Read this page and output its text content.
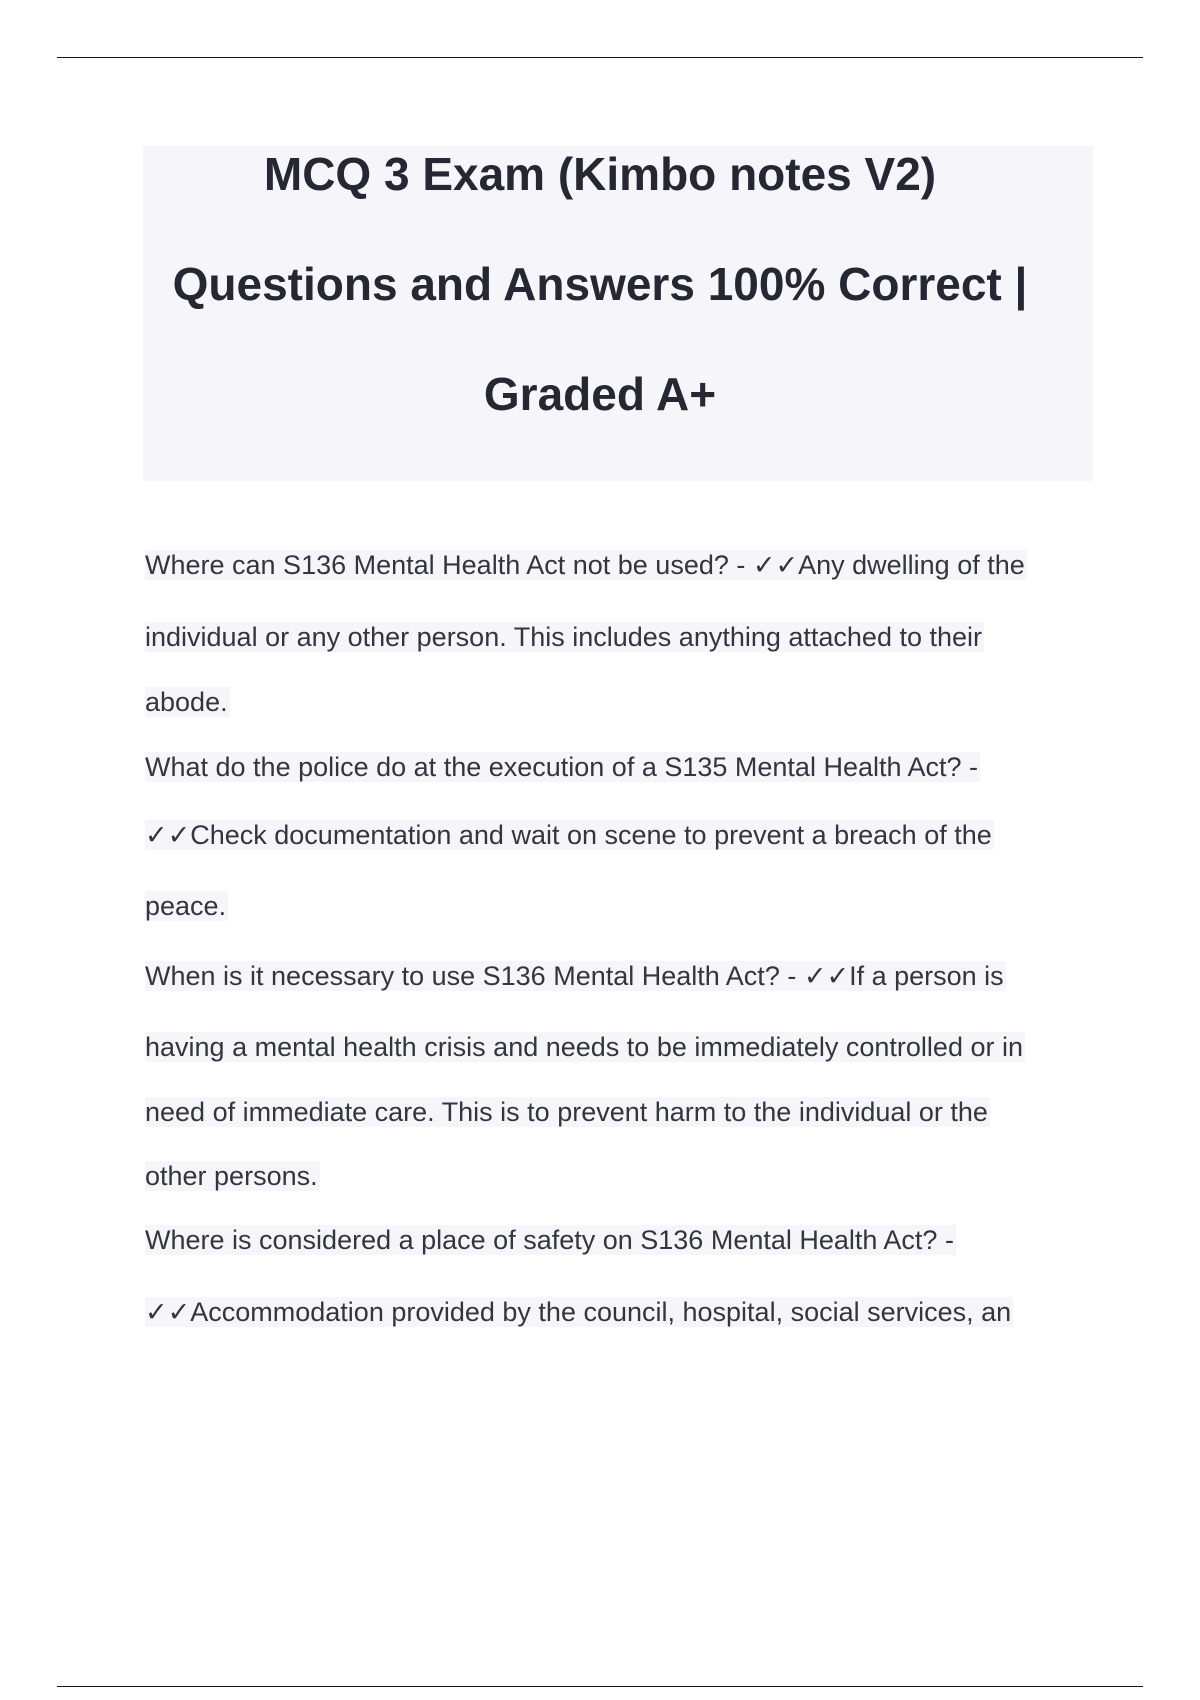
MCQ 3 Exam (Kimbo notes V2)
Questions and Answers 100% Correct |
Graded A+
Where can S136 Mental Health Act not be used? - ✓✓Any dwelling of the
individual or any other person. This includes anything attached to their
abode.
What do the police do at the execution of a S135 Mental Health Act? -
✓✓Check documentation and wait on scene to prevent a breach of the
peace.
When is it necessary to use S136 Mental Health Act? - ✓✓If a person is
having a mental health crisis and needs to be immediately controlled or in
need of immediate care. This is to prevent harm to the individual or the
other persons.
Where is considered a place of safety on S136 Mental Health Act? -
✓✓Accommodation provided by the council, hospital, social services, an
